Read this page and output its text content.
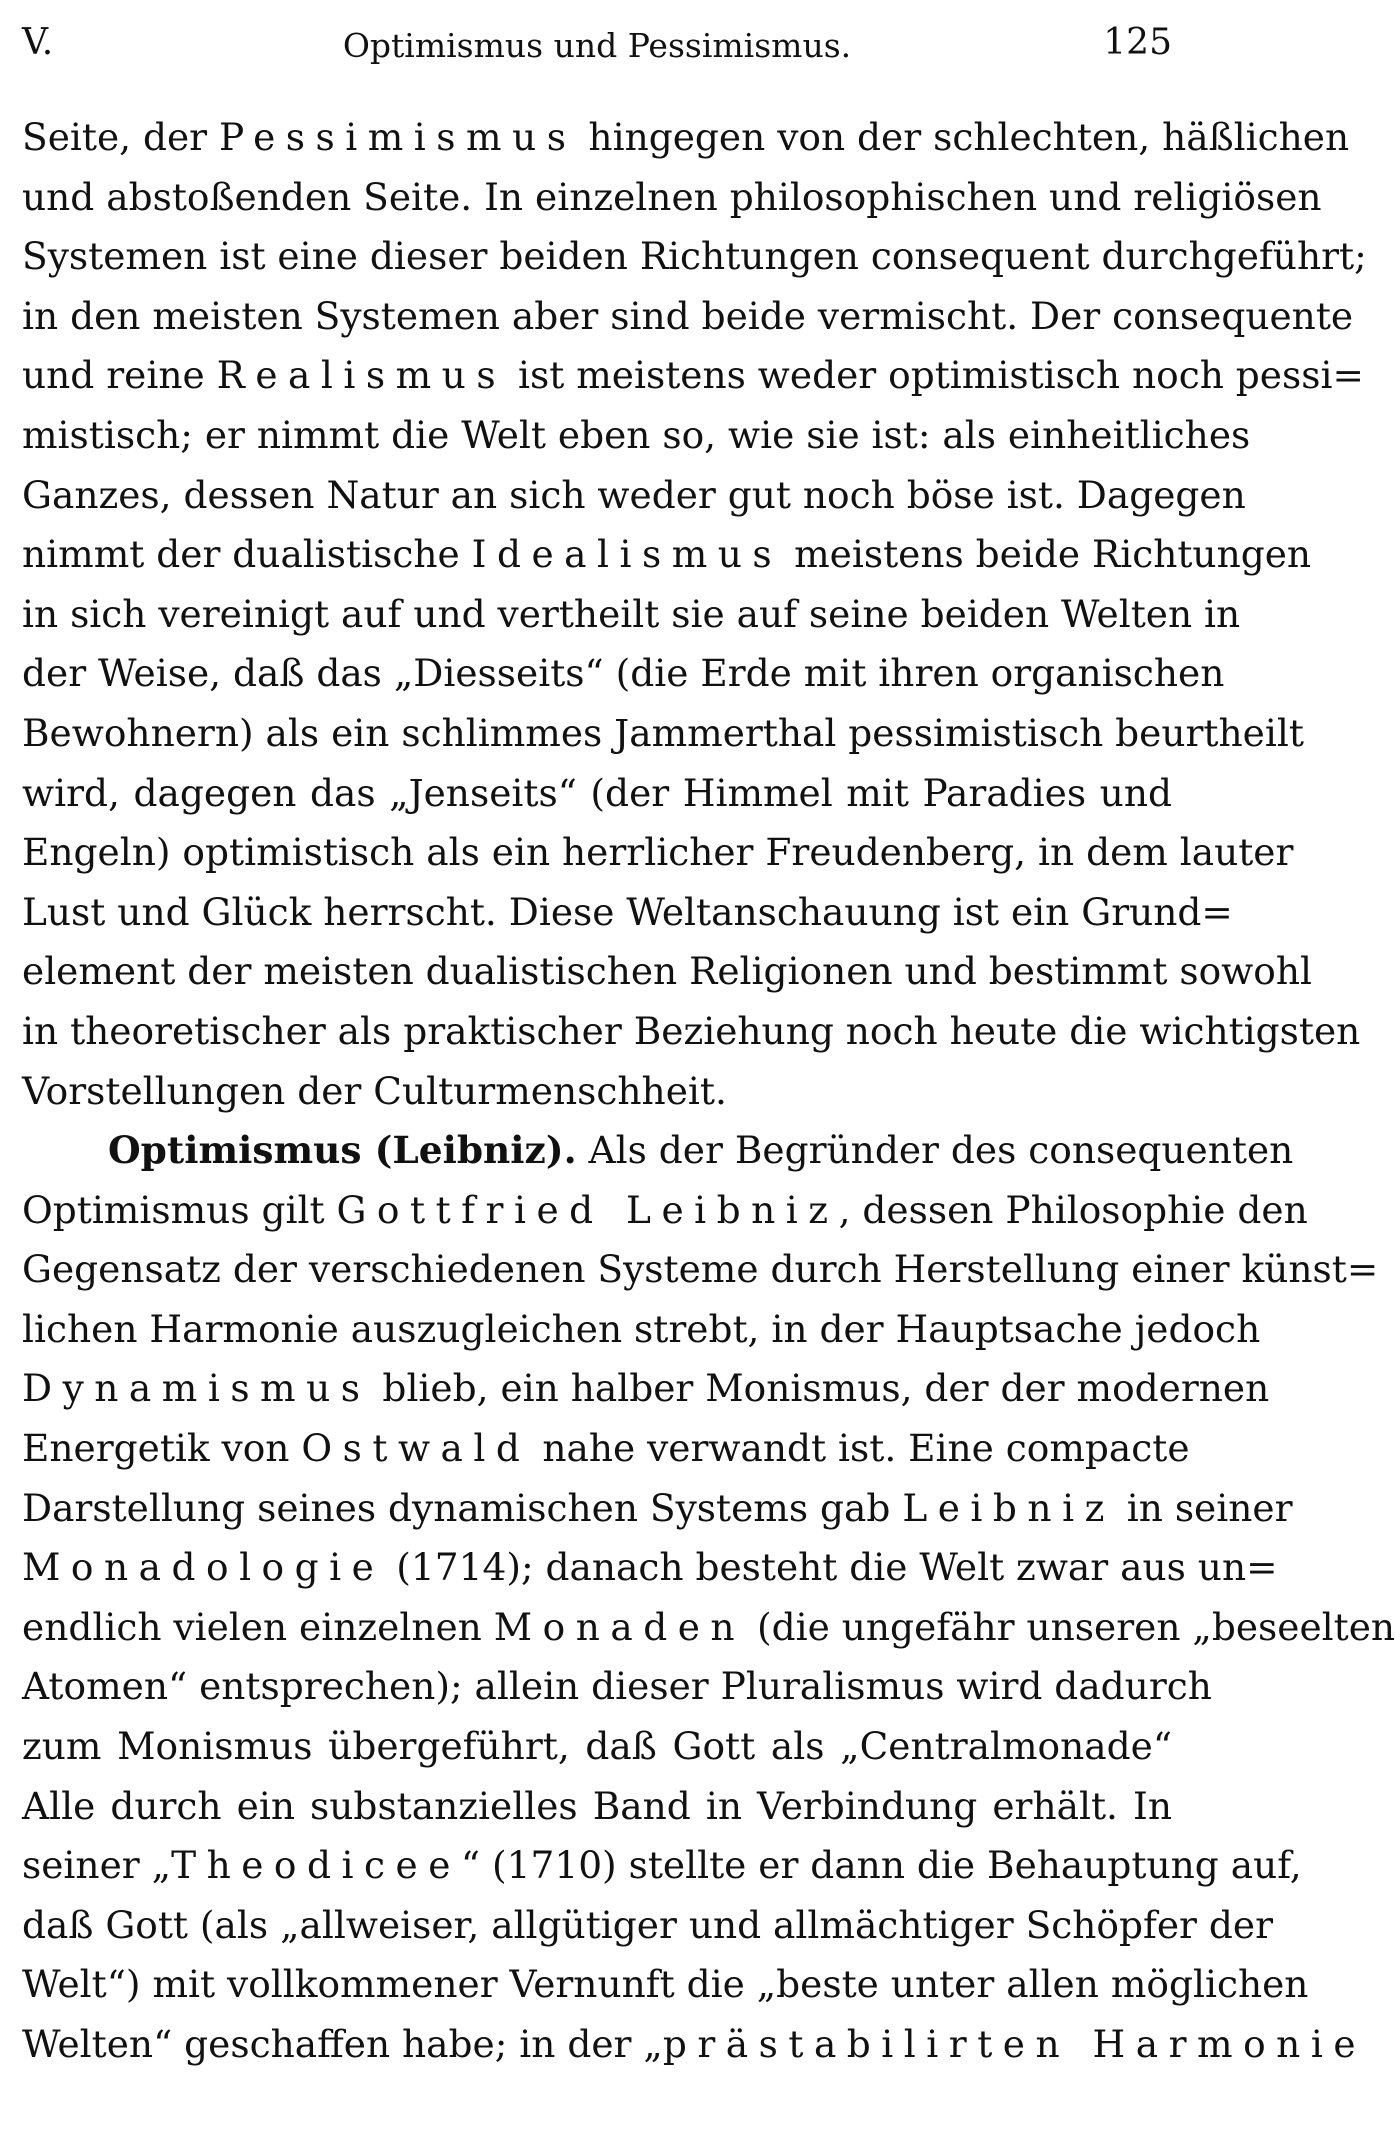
V.	Optimismus und Pessimismus.	125
Seite, der Pessimismus hingegen von der schlechten, häßlichen
und abstoßenden Seite. In einzelnen philosophischen und religiösen
Systemen ist eine dieser beiden Richtungen consequent durchgeführt;
in den meisten Systemen aber sind beide vermischt. Der consequente
und reine Realismus ist meistens weder optimistisch noch pessi=
mistisch; er nimmt die Welt eben so, wie sie ist: als einheitliches
Ganzes, dessen Natur an sich weder gut noch böse ist. Dagegen
nimmt der dualistische Idealismus meistens beide Richtungen
in sich vereinigt auf und vertheilt sie auf seine beiden Welten in
der Weise, daß das „Diesseits“ (die Erde mit ihren organischen
Bewohnern) als ein schlimmes Jammerthal pessimistisch beurtheilt
wird, dagegen das „Jenseits“ (der Himmel mit Paradies und
Engeln) optimistisch als ein herrlicher Freudenberg, in dem lauter
Lust und Glück herrscht. Diese Weltanschauung ist ein Grund=
element der meisten dualistischen Religionen und bestimmt sowohl
in theoretischer als praktischer Beziehung noch heute die wichtigsten
Vorstellungen der Culturmenschheit.
Optimismus (Leibniz). Als der Begründer des consequenten
Optimismus gilt Gottfried Leibniz, dessen Philosophie den
Gegensatz der verschiedenen Systeme durch Herstellung einer künst=
lichen Harmonie auszugleichen strebt, in der Hauptsache jedoch
Dynamismus blieb, ein halber Monismus, der der modernen
Energetik von Ostwald nahe verwandt ist. Eine compacte
Darstellung seines dynamischen Systems gab Leibniz in seiner
Monadologie (1714); danach besteht die Welt zwar aus un=
endlich vielen einzelnen Monaden (die ungefähr unseren „beseelten
Atomen“ entsprechen); allein dieser Pluralismus wird dadurch
zum Monismus übergeführt, daß Gott als „Centralmonade“
Alle durch ein substanzielles Band in Verbindung erhält. In
seiner „Theodicee“ (1710) stellte er dann die Behauptung auf,
daß Gott (als „allweiser, allgütiger und allmächtiger Schöpfer der
Welt“) mit vollkommener Vernunft die „beste unter allen möglichen
Welten“ geschaffen habe; in der „prästabilirten Harmonie
